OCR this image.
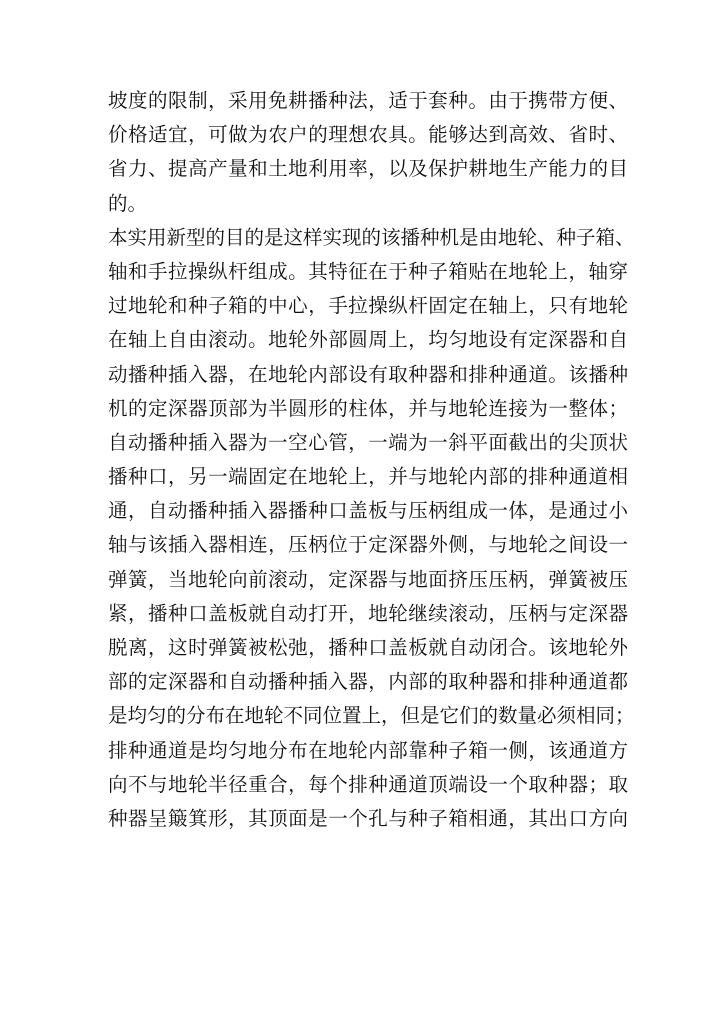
坡度的限制，采用免耕播种法，适于套种。由于携带方便、
价格适宜，可做为农户的理想农具。能够达到高效、省时、
省力、提高产量和土地利用率，以及保护耕地生产能力的目
的。
本实用新型的目的是这样实现的该播种机是由地轮、种子箱、
轴和手拉操纵杆组成。其特征在于种子箱贴在地轮上，轴穿
过地轮和种子箱的中心，手拉操纵杆固定在轴上，只有地轮
在轴上自由滚动。地轮外部圆周上，均匀地设有定深器和自
动播种插入器，在地轮内部设有取种器和排种通道。该播种
机的定深器顶部为半圆形的柱体，并与地轮连接为一整体；
自动播种插入器为一空心管，一端为一斜平面截出的尖顶状
播种口，另一端固定在地轮上，并与地轮内部的排种通道相
通，自动播种插入器播种口盖板与压柄组成一体，是通过小
轴与该插入器相连，压柄位于定深器外侧，与地轮之间设一
弹簧，当地轮向前滚动，定深器与地面挤压压柄，弹簧被压
紧，播种口盖板就自动打开，地轮继续滚动，压柄与定深器
脱离，这时弹簧被松弛，播种口盖板就自动闭合。该地轮外
部的定深器和自动播种插入器，内部的取种器和排种通道都
是均匀的分布在地轮不同位置上，但是它们的数量必须相同；
排种通道是均匀地分布在地轮内部靠种子箱一侧，该通道方
向不与地轮半径重合，每个排种通道顶端设一个取种器；取
种器呈簸箕形，其顶面是一个孔与种子箱相通，其出口方向
